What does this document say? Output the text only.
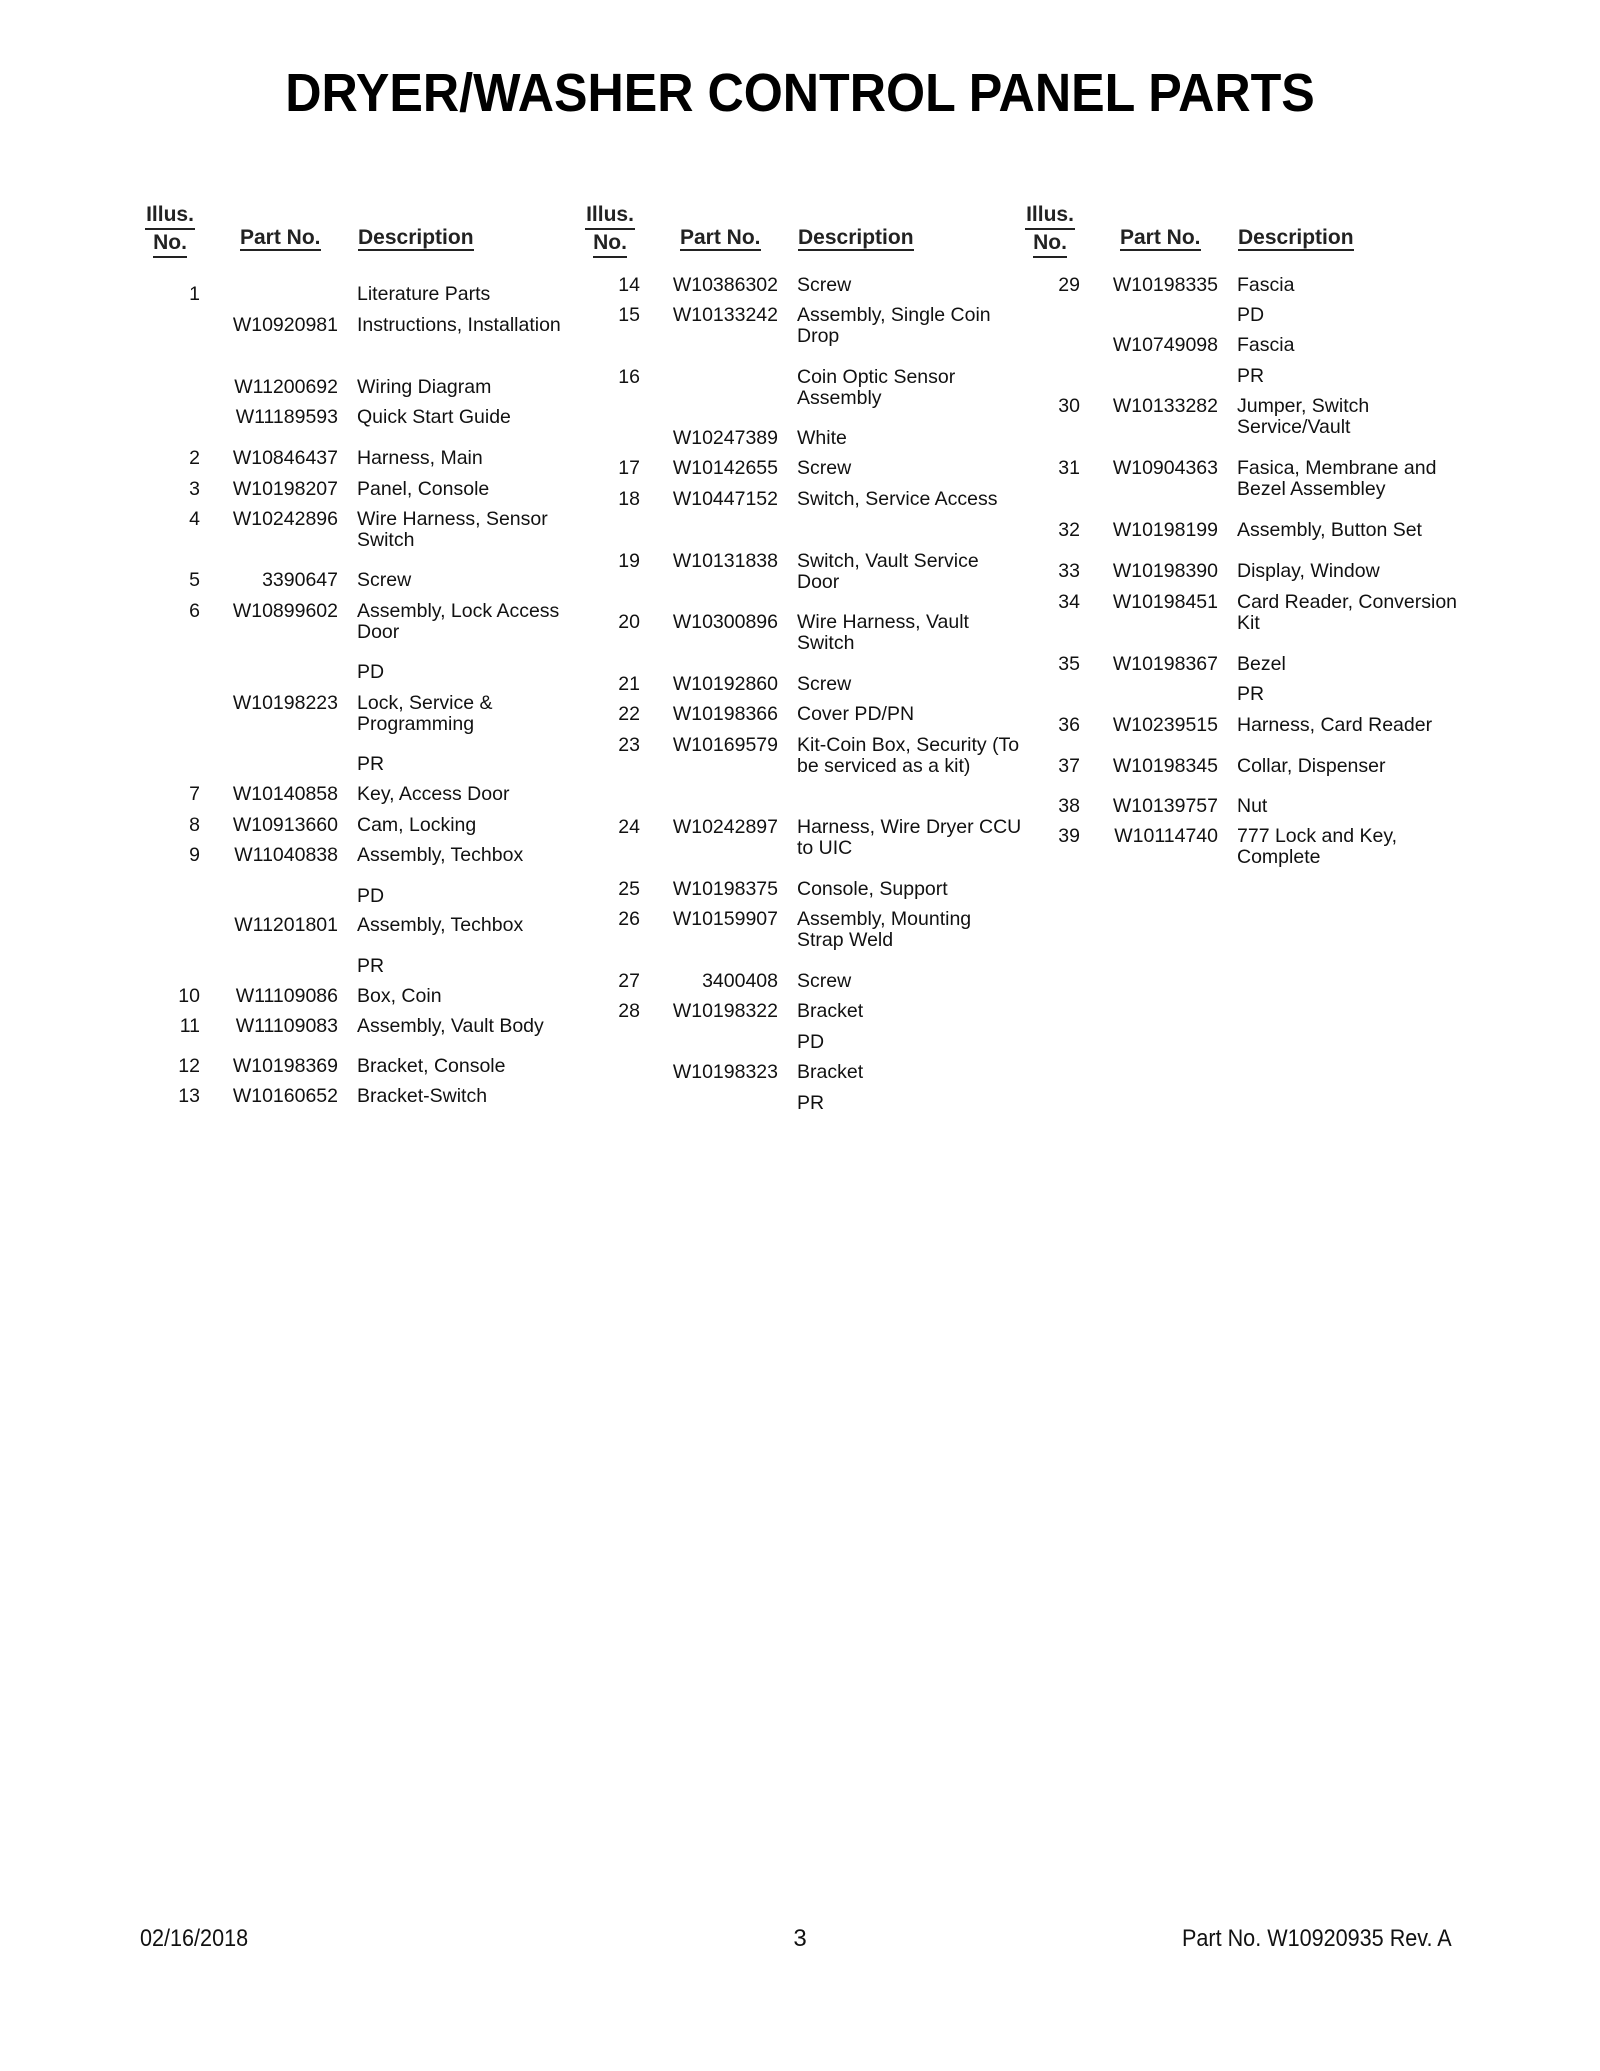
DRYER/WASHER CONTROL PANEL PARTS
Illus.
No.	Part No. Description
1	Literature Parts
W10920981 Instructions, Installation
W11200692 Wiring Diagram
W11189593 Quick Start Guide
2	W10846437 Harness, Main
3	W10198207 Panel, Console
4	W10242896 Wire Harness, Sensor Switch
5	3390647 Screw
6	W10899602 Assembly, Lock Access Door
PD
W10198223 Lock, Service & Programming
PR
7	W10140858 Key, Access Door
8	W10913660 Cam, Locking
9	W11040838 Assembly, Techbox
PD
W11201801 Assembly, Techbox
PR
10	W11109086 Box, Coin
11	W11109083 Assembly, Vault Body
12	W10198369 Bracket, Console
13	W10160652 Bracket-Switch
Illus.
No.	Part No. Description
14	W10386302 Screw
15	W10133242 Assembly, Single Coin Drop
16	Coin Optic Sensor Assembly
W10247389 White
17	W10142655 Screw
18	W10447152 Switch, Service Access
19	W10131838 Switch, Vault Service Door
20	W10300896 Wire Harness, Vault Switch
21	W10192860 Screw
22	W10198366 Cover PD/PN
23	W10169579 Kit-Coin Box, Security (To be serviced as a kit)
24	W10242897 Harness, Wire Dryer CCU to UIC
25	W10198375 Console, Support
26	W10159907 Assembly, Mounting Strap Weld
27	3400408 Screw
28	W10198322 Bracket
PD
W10198323 Bracket
PR
Illus.
No.	Part No. Description
29	W10198335 Fascia
PD
W10749098 Fascia
PR
30	W10133282 Jumper, Switch Service/Vault
31	W10904363 Fasica, Membrane and Bezel Assembley
32	W10198199 Assembly, Button Set
33	W10198390 Display, Window
34	W10198451 Card Reader, Conversion Kit
35	W10198367 Bezel
PR
36	W10239515 Harness, Card Reader
37	W10198345 Collar, Dispenser
38	W10139757 Nut
39	W10114740 777 Lock and Key, Complete
02/16/2018	3	Part No. W10920935 Rev. A
